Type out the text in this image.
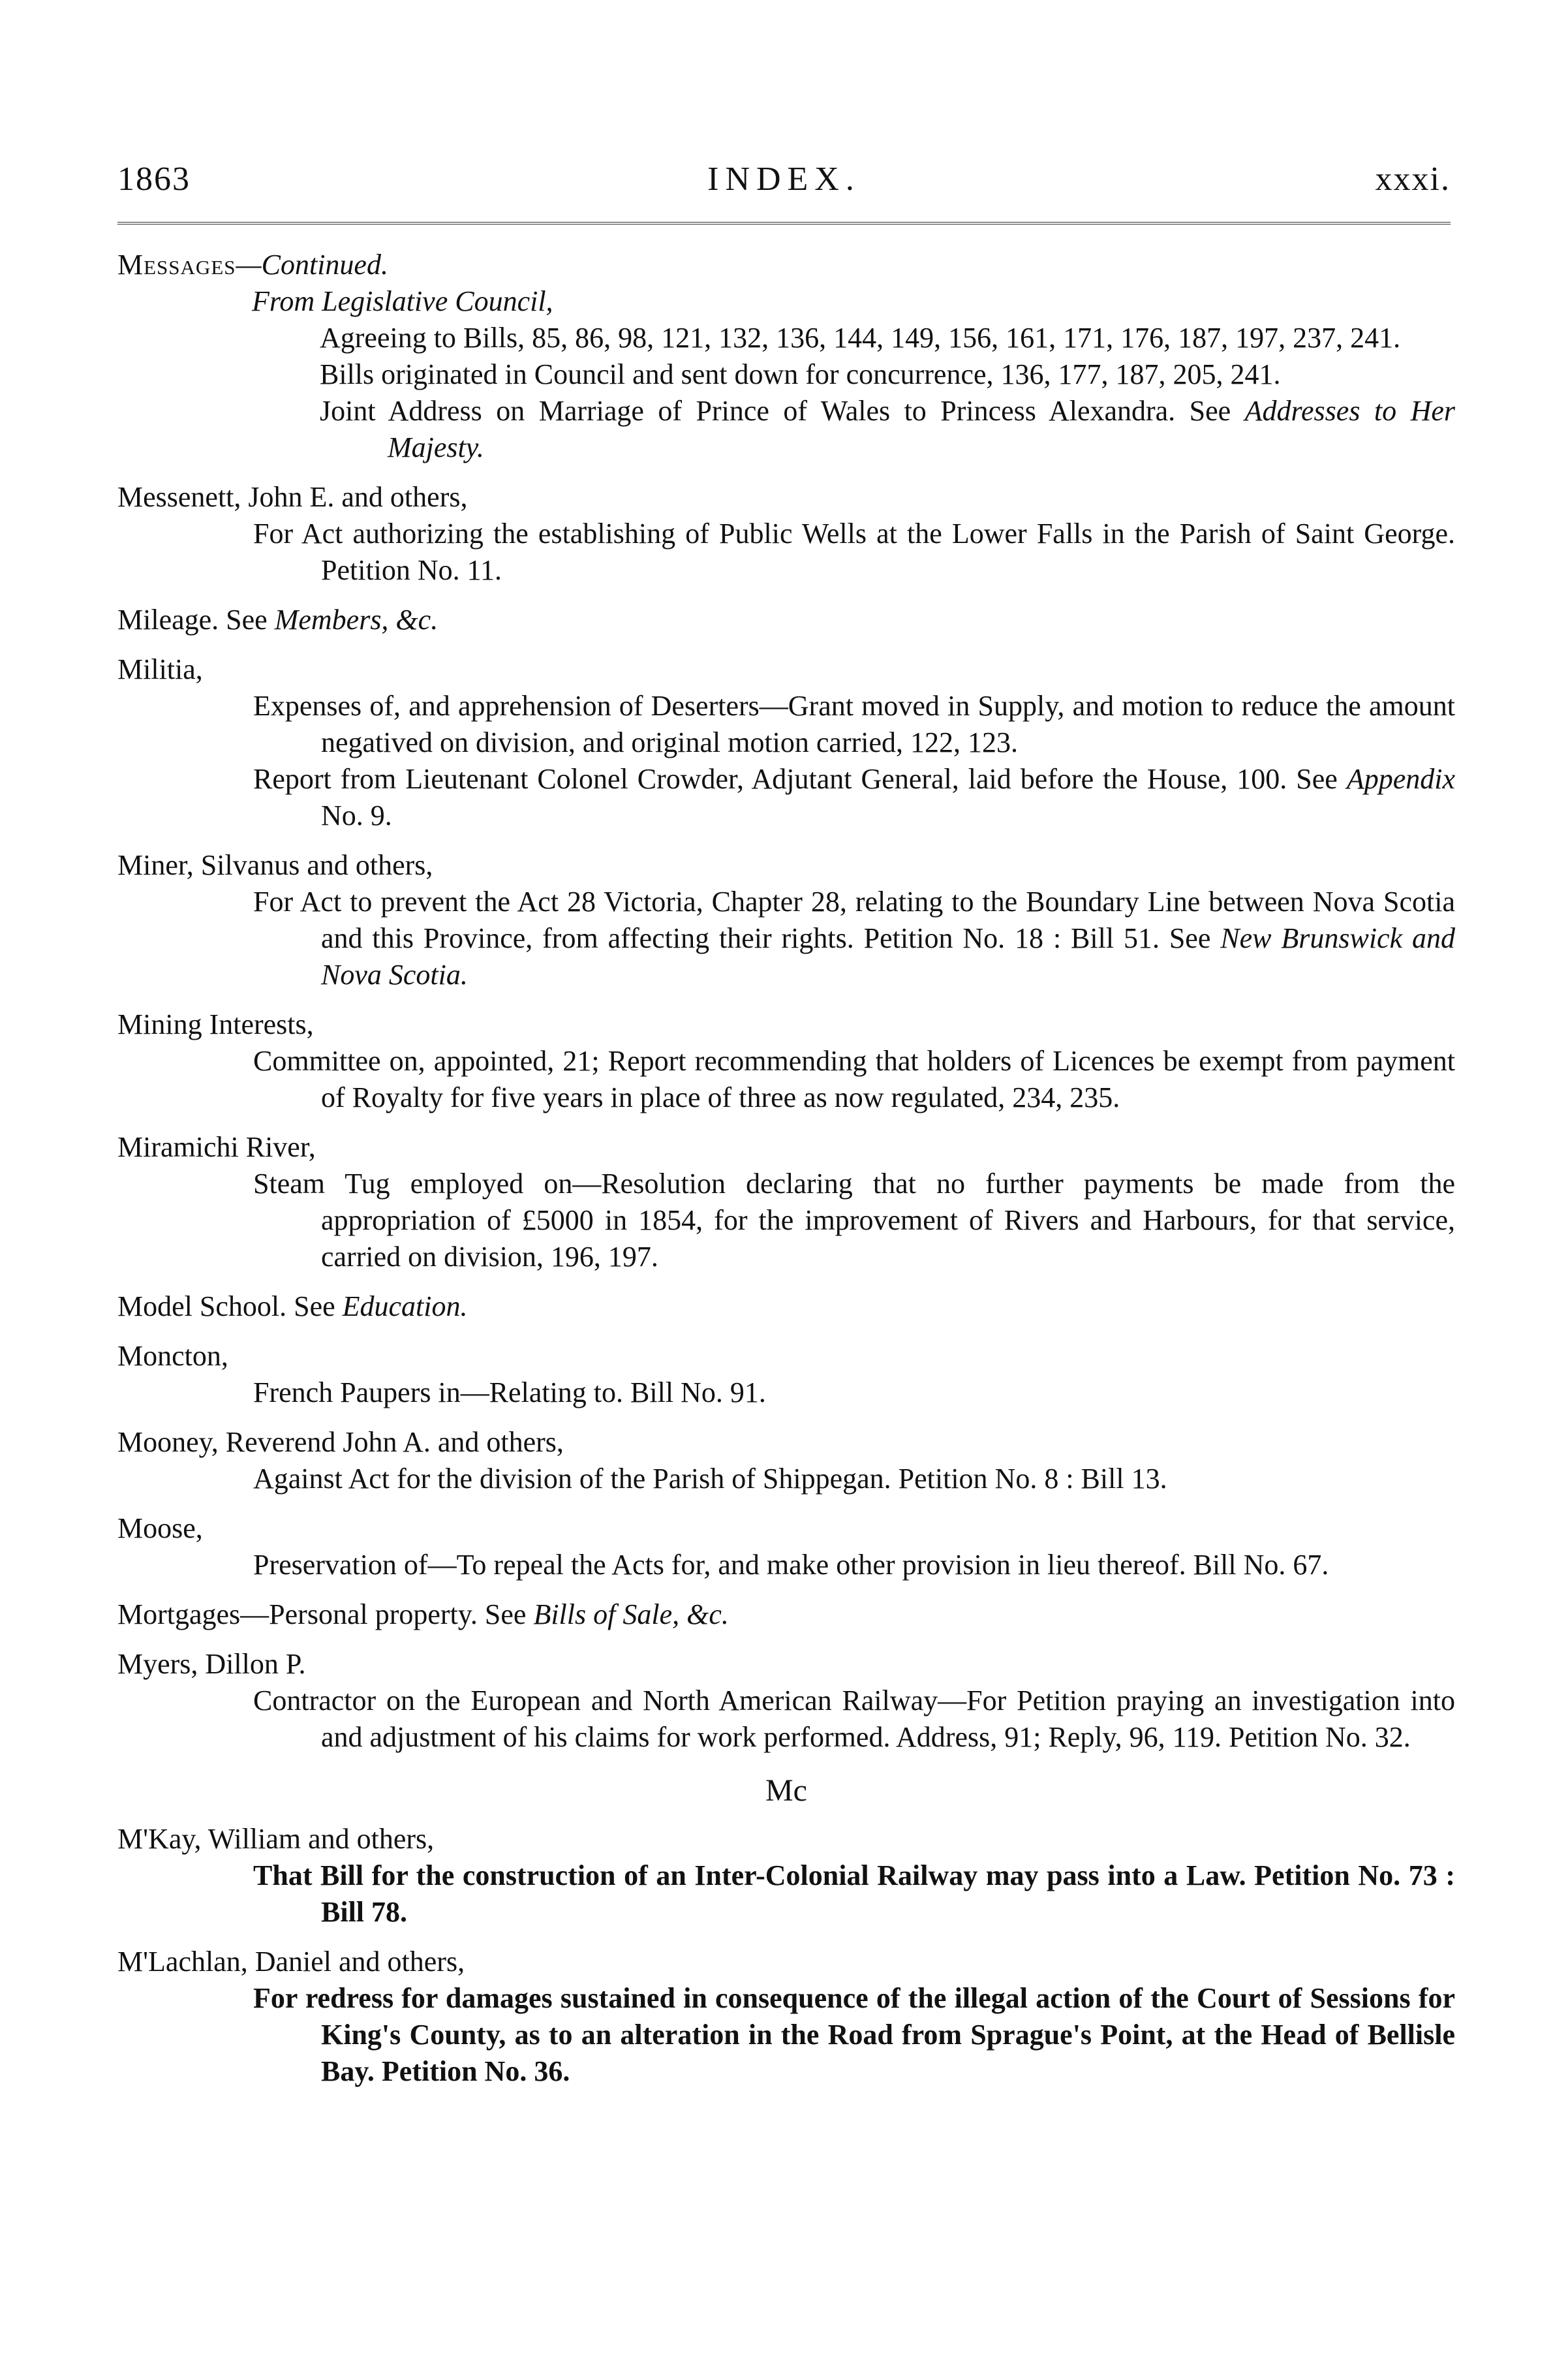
1863	INDEX.	xxxi.
Messages—Continued.
From Legislative Council,
Agreeing to Bills, 85, 86, 98, 121, 132, 136, 144, 149, 156, 161, 171, 176, 187, 197, 237, 241.
Bills originated in Council and sent down for concurrence, 136, 177, 187, 205, 241.
Joint Address on Marriage of Prince of Wales to Princess Alexandra. See Addresses to Her Majesty.
Messenett, John E. and others,
For Act authorizing the establishing of Public Wells at the Lower Falls in the Parish of Saint George. Petition No. 11.
Mileage. See Members, &c.
Militia,
Expenses of, and apprehension of Deserters—Grant moved in Supply, and motion to reduce the amount negatived on division, and original motion carried, 122, 123.
Report from Lieutenant Colonel Crowder, Adjutant General, laid before the House, 100. See Appendix No. 9.
Miner, Silvanus and others,
For Act to prevent the Act 28 Victoria, Chapter 28, relating to the Boundary Line between Nova Scotia and this Province, from affecting their rights. Petition No. 18 : Bill 51. See New Brunswick and Nova Scotia.
Mining Interests,
Committee on, appointed, 21; Report recommending that holders of Licences be exempt from payment of Royalty for five years in place of three as now regulated, 234, 235.
Miramichi River,
Steam Tug employed on—Resolution declaring that no further payments be made from the appropriation of £5000 in 1854, for the improvement of Rivers and Harbours, for that service, carried on division, 196, 197.
Model School. See Education.
Moncton,
French Paupers in—Relating to. Bill No. 91.
Mooney, Reverend John A. and others,
Against Act for the division of the Parish of Shippegan. Petition No. 8 : Bill 13.
Moose,
Preservation of—To repeal the Acts for, and make other provision in lieu thereof. Bill No. 67.
Mortgages—Personal property. See Bills of Sale, &c.
Myers, Dillon P.
Contractor on the European and North American Railway—For Petition praying an investigation into and adjustment of his claims for work performed. Address, 91; Reply, 96, 119. Petition No. 32.
Mc
M'Kay, William and others,
That Bill for the construction of an Inter-Colonial Railway may pass into a Law. Petition No. 73 : Bill 78.
M'Lachlan, Daniel and others,
For redress for damages sustained in consequence of the illegal action of the Court of Sessions for King's County, as to an alteration in the Road from Sprague's Point, at the Head of Bellisle Bay. Petition No. 36.
